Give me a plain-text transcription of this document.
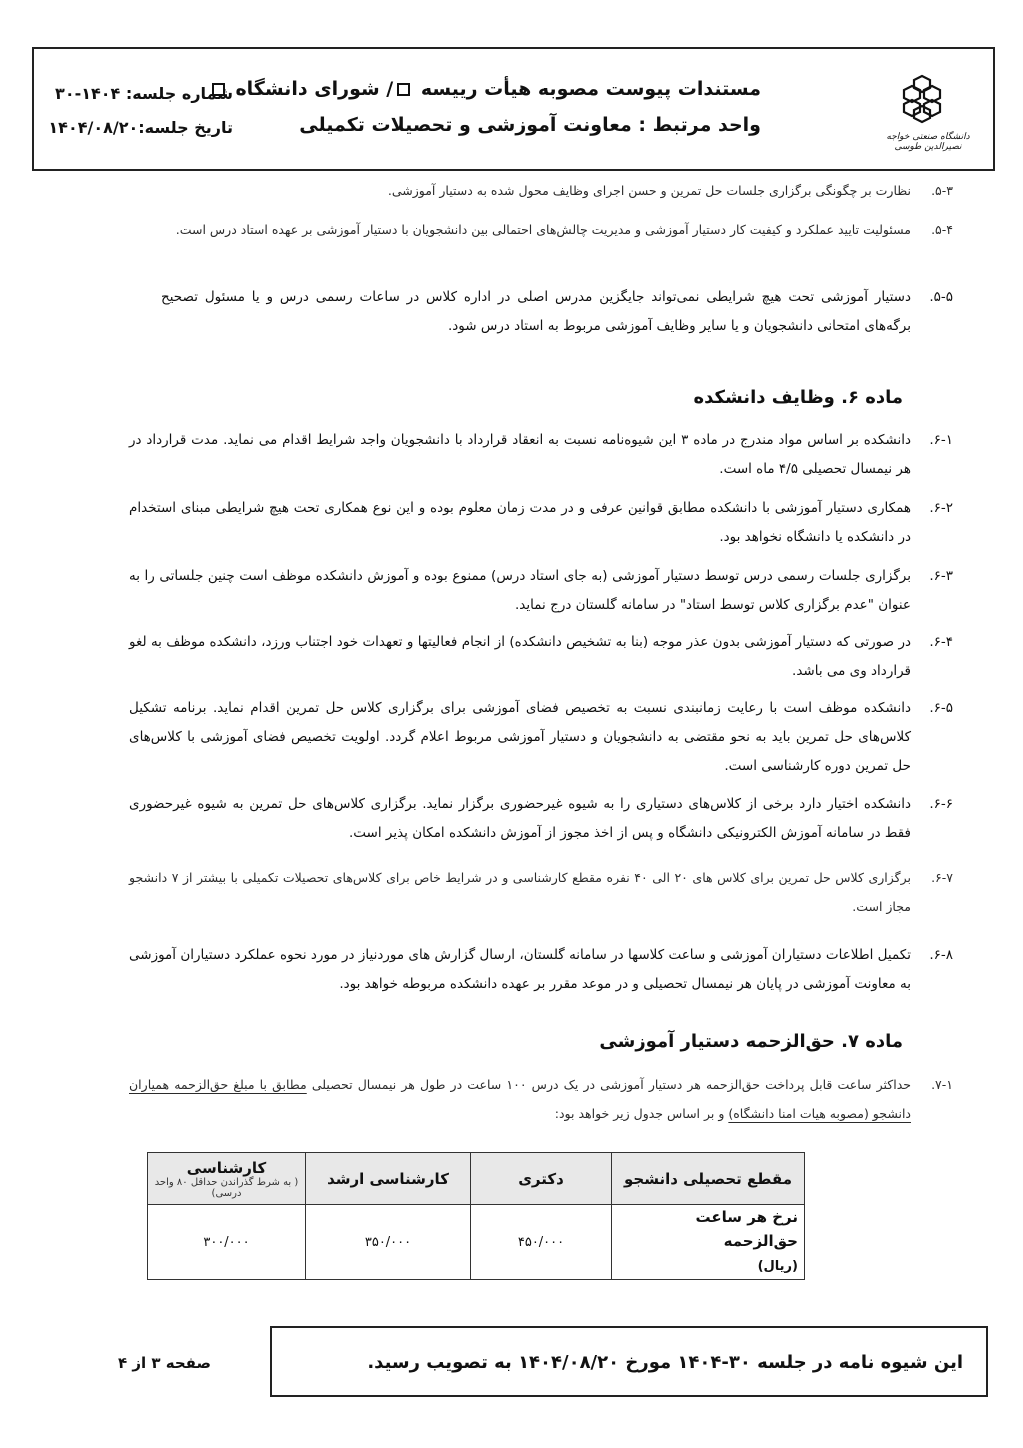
دانشگاه صنعتی خواجه نصیرالدین طوسی
مستندات پیوست مصوبه هیأت رییسه / شورای دانشگاه
واحد مرتبط : معاونت آموزشی و تحصیلات تکمیلی
شماره جلسه: ۱۴۰۴-۳۰
تاریخ جلسه:۱۴۰۴/۰۸/۲۰
۵-۳.
نظارت بر چگونگی برگزاری جلسات حل تمرین و حسن اجرای وظایف محول شده به دستیار آموزشی.
۵-۴.
مسئولیت تایید عملکرد و کیفیت کار دستیار آموزشی و مدیریت چالش‌های احتمالی بین دانشجویان با دستیار آموزشی بر عهده استاد درس است.
۵-۵.
دستیار آموزشی تحت هیچ شرایطی نمی‌تواند جایگزین مدرس اصلی در اداره کلاس در ساعات رسمی درس و یا مسئول تصحیح برگه‌های امتحانی دانشجویان و یا سایر وظایف آموزشی مربوط به استاد درس شود.
ماده ۶. وظایف دانشکده
۶-۱.
دانشکده بر اساس مواد مندرج در ماده ۳ این شیوه‌نامه نسبت به انعقاد قرارداد با دانشجویان واجد شرایط اقدام می نماید. مدت قرارداد در هر نیمسال تحصیلی ۴/۵ ماه است.
۶-۲.
همکاری دستیار آموزشی با دانشکده مطابق قوانین عرفی و در مدت زمان معلوم بوده و این نوع همکاری تحت هیچ شرایطی مبنای استخدام در دانشکده یا دانشگاه نخواهد بود.
۶-۳.
برگزاری جلسات رسمی درس توسط دستیار آموزشی (به جای استاد درس) ممنوع بوده و آموزش دانشکده موظف است چنین جلساتی را به عنوان "عدم برگزاری کلاس توسط استاد" در سامانه گلستان درج نماید.
۶-۴.
در صورتی که دستیار آموزشی بدون عذر موجه (بنا به تشخیص دانشکده) از انجام فعالیتها و تعهدات خود اجتناب ورزد، دانشکده موظف به لغو قرارداد وی می باشد.
۶-۵.
دانشکده موظف است با رعایت زمانبندی نسبت به تخصیص فضای آموزشی برای برگزاری کلاس حل تمرین اقدام نماید. برنامه تشکیل کلاس‌های حل تمرین باید به نحو مقتضی به دانشجویان و دستیار آموزشی مربوط اعلام گردد. اولویت تخصیص فضای آموزشی با کلاس‌های حل تمرین دوره کارشناسی است.
۶-۶.
دانشکده اختیار دارد برخی از کلاس‌های دستیاری را به شیوه غیرحضوری برگزار نماید. برگزاری کلاس‌های حل تمرین به شیوه غیرحضوری فقط در سامانه آموزش الکترونیکی دانشگاه و پس از اخذ مجوز از آموزش دانشکده امکان پذیر است.
۶-۷.
برگزاری کلاس حل تمرین برای کلاس های ۲۰ الی ۴۰ نفره مقطع کارشناسی و در شرایط خاص برای کلاس‌های تحصیلات تکمیلی با بیشتر از ۷ دانشجو مجاز است.
۶-۸.
تکمیل اطلاعات دستیاران آموزشی و ساعت کلاسها در سامانه گلستان، ارسال گزارش های موردنیاز در مورد نحوه عملکرد دستیاران آموزشی به معاونت آموزشی در پایان هر نیمسال تحصیلی و در موعد مقرر بر عهده دانشکده مربوطه خواهد بود.
ماده ۷. حق‌الزحمه دستیار آموزشی
۷-۱.
حداکثر ساعت قابل پرداخت حق‌الزحمه هر دستیار آموزشی در یک درس ۱۰۰ ساعت در طول هر نیمسال تحصیلی مطابق با مبلغ حق‌الزحمه همیاران دانشجو (مصوبه هیات امنا دانشگاه) و بر اساس جدول زیر خواهد بود:
مقطع تحصیلی دانشجو	دکتری	کارشناسی ارشد	کارشناسی
( به شرط گذراندن حداقل ۸۰ واحد درسی)

نرخ هر ساعت حق‌الزحمه
(ریال)	۴۵۰/۰۰۰	۳۵۰/۰۰۰	۳۰۰/۰۰۰
این شیوه نامه در جلسه ۳۰-۱۴۰۴ مورخ ۱۴۰۴/۰۸/۲۰ به تصویب رسید.
صفحه ۳ از ۴
